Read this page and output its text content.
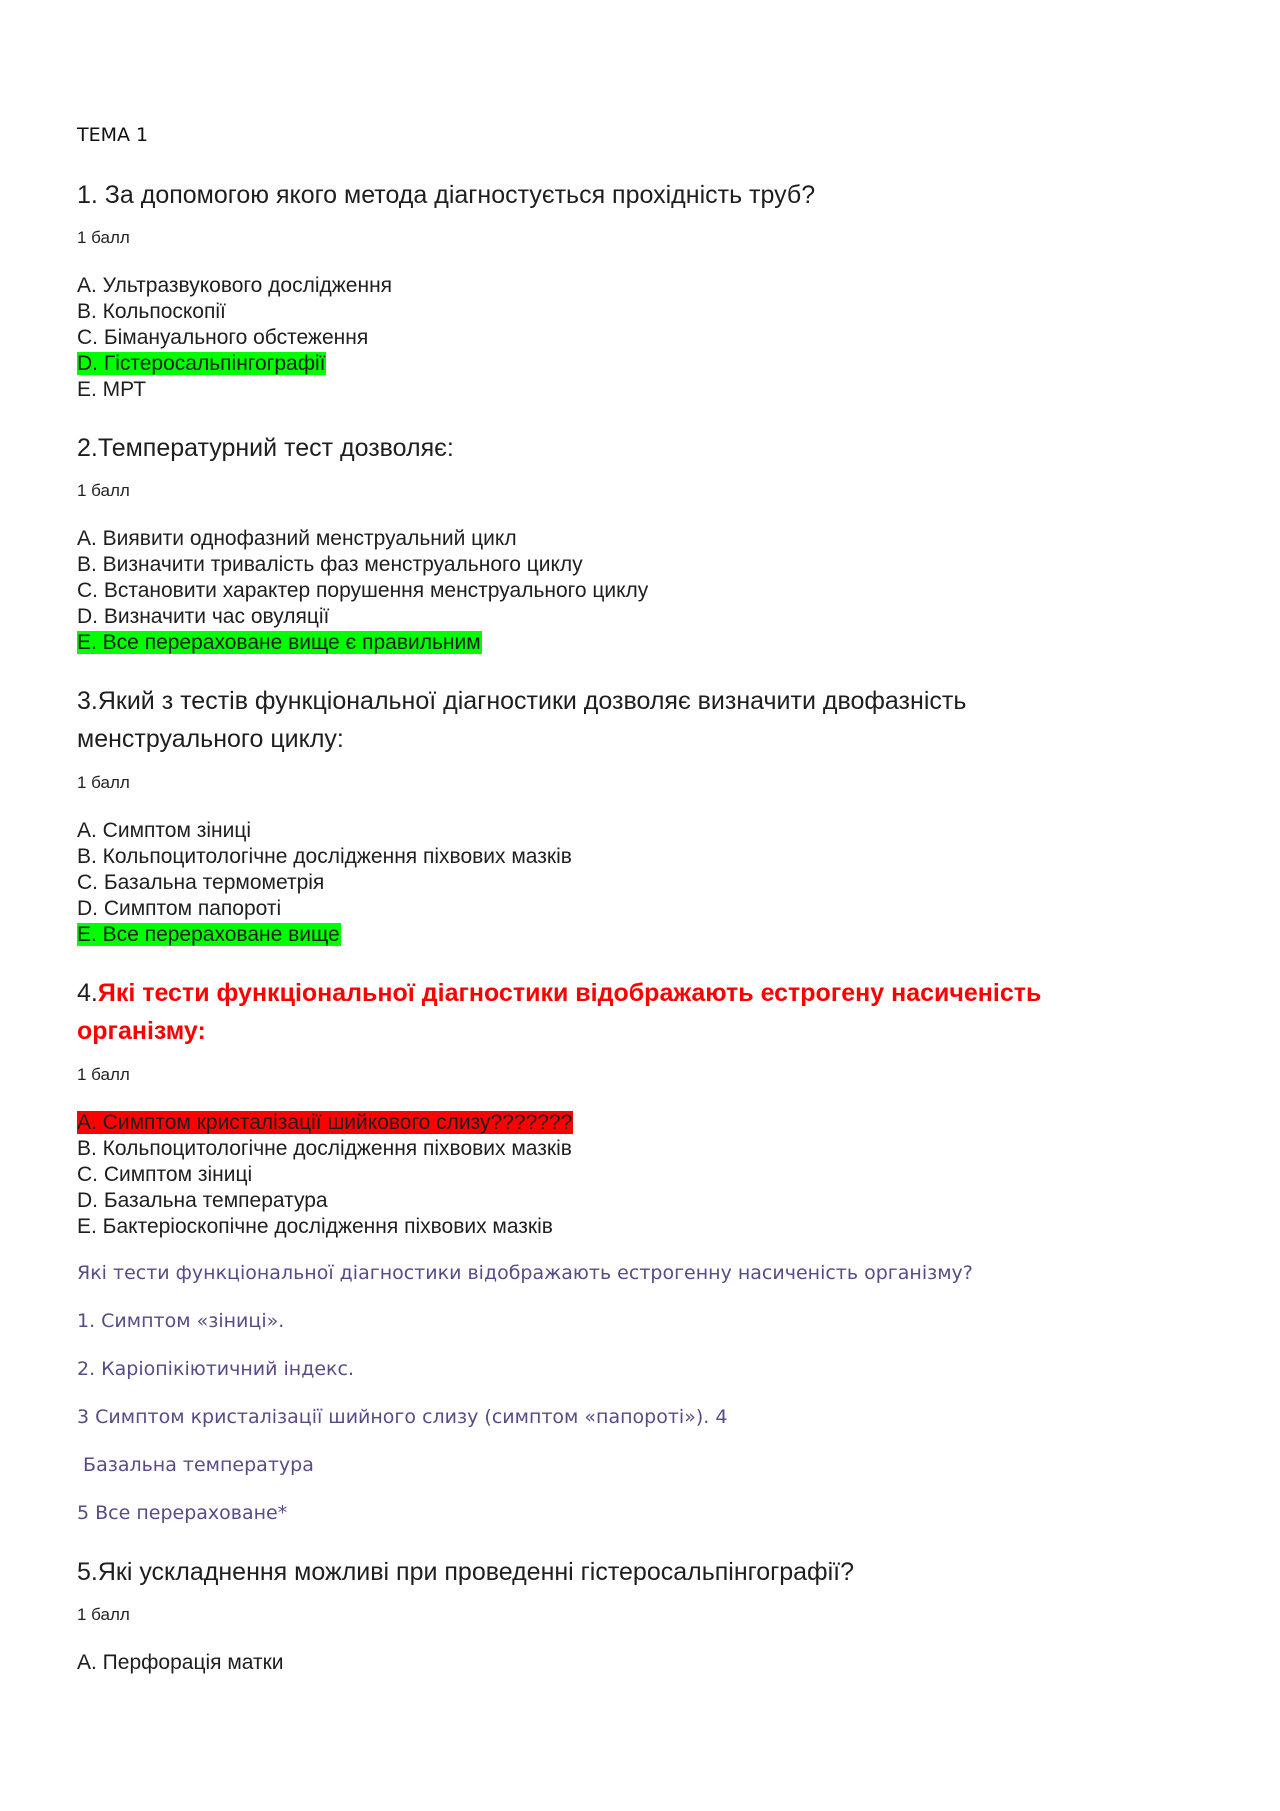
ТЕМА 1

1. За допомогою якого метода діагностується прохідність труб?

1 балл

A. Ультразвукового дослідження
B. Кольпоскопії
C. Бімануального обстеження
D. Гістеросальпінгографії
E. МРТ

2.Температурний тест дозволяє:

1 балл

A. Виявити однофазний менструальний цикл
B. Визначити тривалість фаз менструального циклу
C. Встановити характер порушення менструального циклу
D. Визначити час овуляції
E. Все перераховане вище є правильним

3.Який з тестів функціональної діагностики дозволяє визначити двофазність

менструального циклу:

1 балл

A. Симптом зіниці
B. Кольпоцитологічне дослідження піхвових мазків
C. Базальна термометрія
D. Симптом папороті
E. Все перераховане вище

4.Які тести функціональної діагностики відображають естрогену насиченість

організму:

1 балл

A. Симптом кристалізації шийкового слизу???????
B. Кольпоцитологічне дослідження піхвових мазків
C. Симптом зіниці
D. Базальна температура
E. Бактеріоскопічне дослідження піхвових мазків

Які тести функціональної діагностики відображають естрогенну насиченість організму?

1. Симптом «зіниці».

2. Каріопікіютичний індекс.

3 Симптом кристалізації шийного слизу (симптом «папороті»). 4

Базальна температура

5 Все перераховане*

5.Які ускладнення можливі при проведенні гістеросальпінгографії?

1 балл

A. Перфорація матки
